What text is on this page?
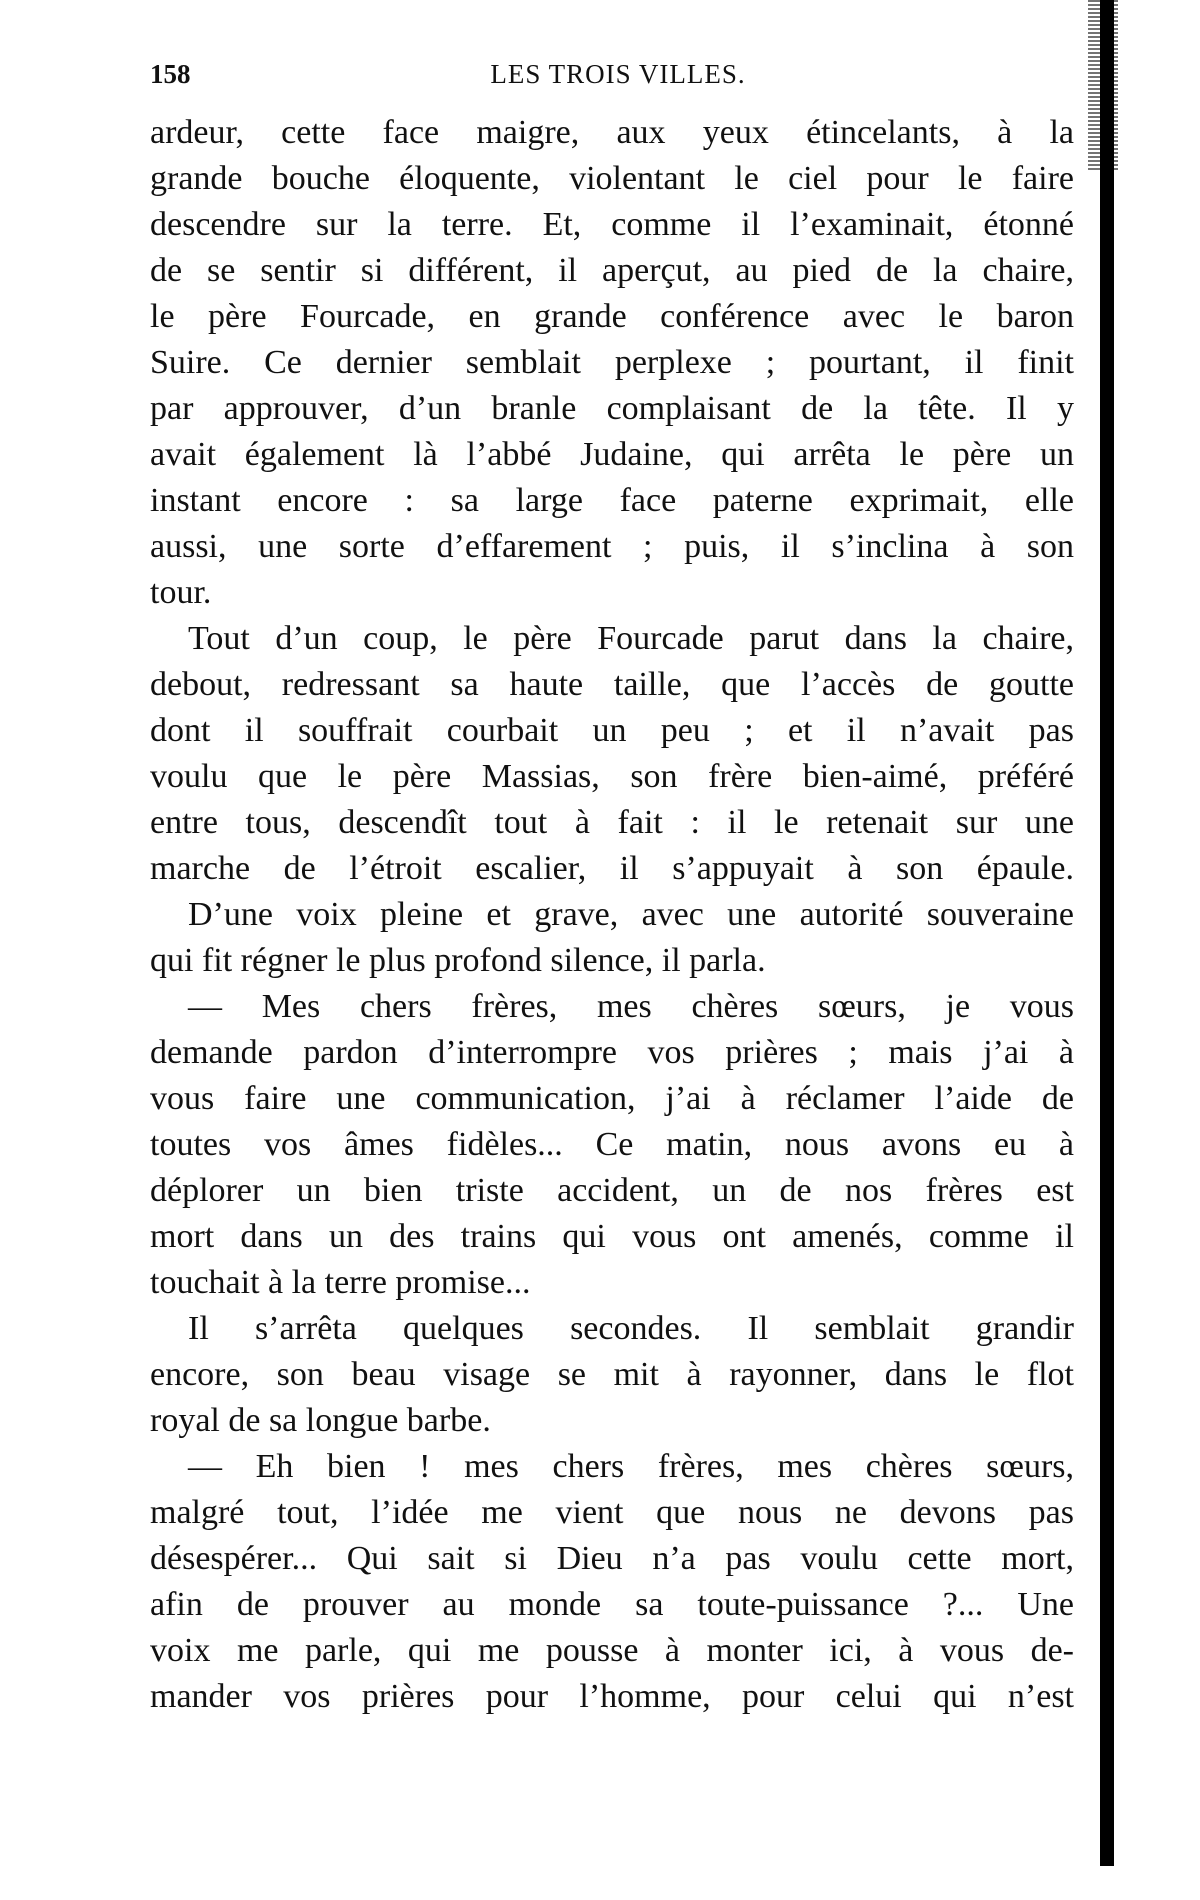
158	LES TROIS VILLES.
ardeur, cette face maigre, aux yeux étincelants, à la
grande bouche éloquente, violentant le ciel pour le faire
descendre sur la terre. Et, comme il l’examinait, étonné
de se sentir si différent, il aperçut, au pied de la chaire,
le père Fourcade, en grande conférence avec le baron
Suire. Ce dernier semblait perplexe ; pourtant, il finit
par approuver, d’un branle complaisant de la tête. Il y
avait également là l’abbé Judaine, qui arrêta le père un
instant encore : sa large face paterne exprimait, elle
aussi, une sorte d’effarement ; puis, il s’inclina à son
tour.
Tout d’un coup, le père Fourcade parut dans la chaire,
debout, redressant sa haute taille, que l’accès de goutte
dont il souffrait courbait un peu ; et il n’avait pas
voulu que le père Massias, son frère bien-aimé, préféré
entre tous, descendît tout à fait : il le retenait sur une
marche de l’étroit escalier, il s’appuyait à son épaule.
D’une voix pleine et grave, avec une autorité souveraine
qui fit régner le plus profond silence, il parla.
— Mes chers frères, mes chères sœurs, je vous
demande pardon d’interrompre vos prières ; mais j’ai à
vous faire une communication, j’ai à réclamer l’aide de
toutes vos âmes fidèles... Ce matin, nous avons eu à
déplorer un bien triste accident, un de nos frères est
mort dans un des trains qui vous ont amenés, comme il
touchait à la terre promise...
Il s’arrêta quelques secondes. Il semblait grandir
encore, son beau visage se mit à rayonner, dans le flot
royal de sa longue barbe.
— Eh bien ! mes chers frères, mes chères sœurs,
malgré tout, l’idée me vient que nous ne devons pas
désespérer... Qui sait si Dieu n’a pas voulu cette mort,
afin de prouver au monde sa toute-puissance ?... Une
voix me parle, qui me pousse à monter ici, à vous de-
mander vos prières pour l’homme, pour celui qui n’est
